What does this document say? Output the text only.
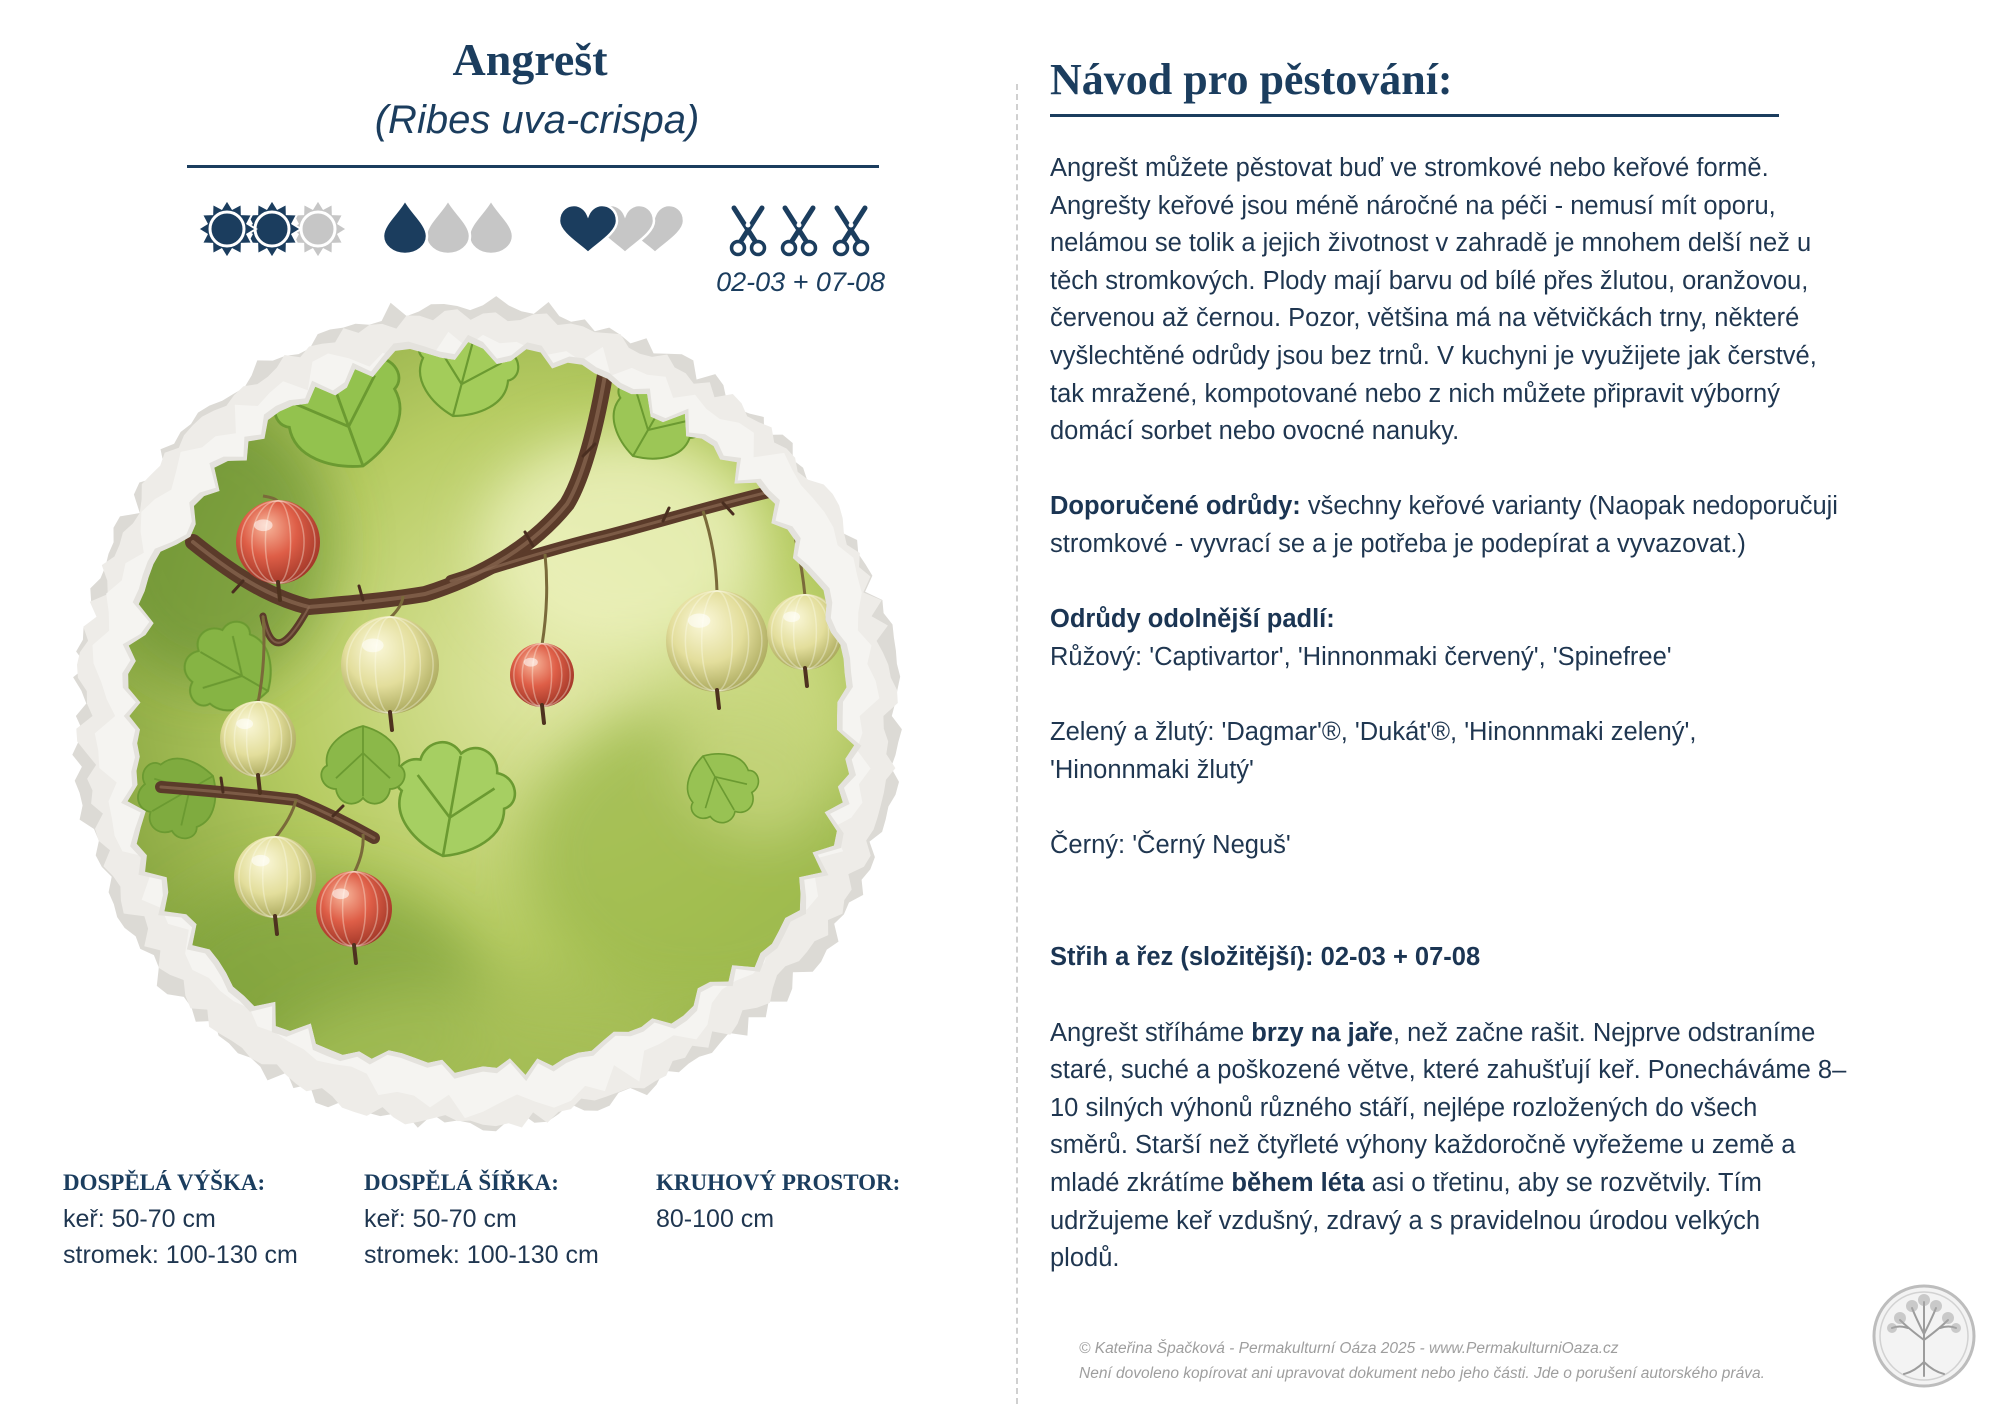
Angrešt
(Ribes uva-crispa)
02-03 + 07-08
DOSPĚLÁ VÝŠKA:
keř: 50-70 cm
stromek: 100-130 cm
DOSPĚLÁ ŠÍŘKA:
keř: 50-70 cm
stromek: 100-130 cm
KRUHOVÝ PROSTOR:
80-100 cm
Návod pro pěstování:
Angrešt můžete pěstovat buď ve stromkové nebo keřové formě.
Angrešty keřové jsou méně náročné na péči - nemusí mít oporu,
nelámou se tolik a jejich životnost v zahradě je mnohem delší než u
těch stromkových. Plody mají barvu od bílé přes žlutou, oranžovou,
červenou až černou. Pozor, většina má na větvičkách trny, některé
vyšlechtěné odrůdy jsou bez trnů. V kuchyni je využijete jak čerstvé,
tak mražené, kompotované nebo z nich můžete připravit výborný
domácí sorbet nebo ovocné nanuky.
Doporučené odrůdy: všechny keřové varianty (Naopak nedoporučuji
stromkové - vyvrací se a je potřeba je podepírat a vyvazovat.)
Odrůdy odolnější padlí:
Růžový: 'Captivartor', 'Hinnonmaki červený', 'Spinefree'
Zelený a žlutý: 'Dagmar'®, 'Dukát'®, 'Hinonnmaki zelený',
'Hinonnmaki žlutý'
Černý: 'Černý Neguš'
Střih a řez (složitější): 02-03 + 07-08
Angrešt stříháme brzy na jaře, než začne rašit. Nejprve odstraníme
staré, suché a poškozené větve, které zahušťují keř. Ponecháváme 8–
10 silných výhonů různého stáří, nejlépe rozložených do všech
směrů. Starší než čtyřleté výhony každoročně vyřežeme u země a
mladé zkrátíme během léta asi o třetinu, aby se rozvětvily. Tím
udržujeme keř vzdušný, zdravý a s pravidelnou úrodou velkých
plodů.
© Kateřina Špačková - Permakulturní Oáza 2025 - www.PermakulturniOaza.cz
Není dovoleno kopírovat ani upravovat dokument nebo jeho části. Jde o porušení autorského práva.
